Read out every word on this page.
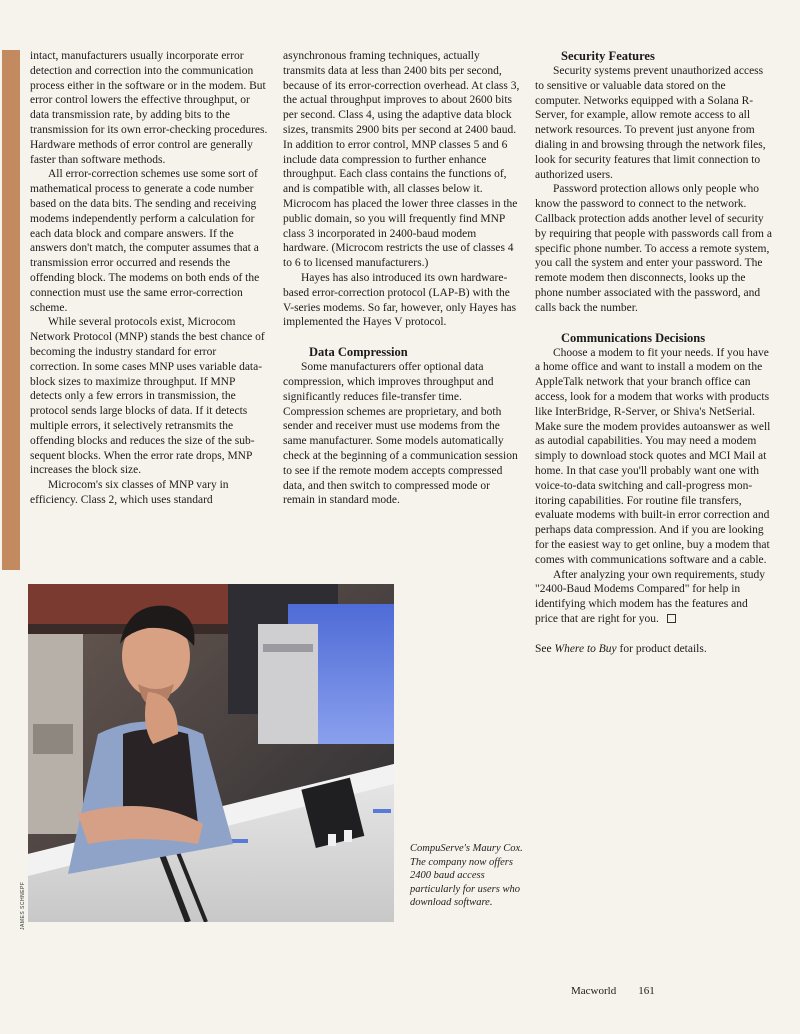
intact, manufacturers usually incorporate error detection and correction into the communication process either in the software or in the modem. But error control lowers the effective throughput, or data transmission rate, by adding bits to the transmission for its own error-checking procedures. Hardware methods of error control are generally faster than software methods.

All error-correction schemes use some sort of mathematical process to generate a code number based on the data bits. The sending and receiving modems independently perform a calculation for each data block and compare answers. If the answers don't match, the computer assumes that a transmission error occurred and resends the offending block. The modems on both ends of the connection must use the same error-correction scheme.

While several protocols exist, Microcom Network Protocol (MNP) stands the best chance of becoming the industry standard for error correction. In some cases MNP uses variable data-block sizes to maximize throughput. If MNP detects only a few errors in transmission, the protocol sends large blocks of data. If it detects multiple errors, it selectively retransmits the offending blocks and reduces the size of the subsequent blocks. When the error rate drops, MNP increases the block size.

Microcom's six classes of MNP vary in efficiency. Class 2, which uses standard

asynchronous framing techniques, actually transmits data at less than 2400 bits per second, because of its error-correction overhead. At class 3, the actual throughput improves to about 2600 bits per second. Class 4, using the adaptive data block sizes, transmits 2900 bits per second at 2400 baud. In addition to error control, MNP classes 5 and 6 include data compression to further enhance throughput. Each class contains the functions of, and is compatible with, all classes below it. Microcom has placed the lower three classes in the public domain, so you will frequently find MNP class 3 incorporated in 2400-baud modem hardware. (Microcom restricts the use of classes 4 to 6 to licensed manufacturers.)

Hayes has also introduced its own hardware-based error-correction protocol (LAP-B) with the V-series modems. So far, however, only Hayes has implemented the Hayes V protocol.

Data Compression

Some manufacturers offer optional data compression, which improves throughput and significantly reduces file-transfer time. Compression schemes are proprietary, and both sender and receiver must use modems from the same manufacturer. Some models automatically check at the beginning of a communication session to see if the remote modem accepts compressed data, and then switch to compressed mode or remain in standard mode.

Security Features

Security systems prevent unauthorized access to sensitive or valuable data stored on the computer. Networks equipped with a Solana R-Server, for example, allow remote access to all network resources. To prevent just anyone from dialing in and browsing through the network files, look for security features that limit connection to authorized users.

Password protection allows only people who know the password to connect to the network. Callback protection adds another level of security by requiring that people with passwords call from a specific phone number. To access a remote system, you call the system and enter your password. The remote modem then disconnects, looks up the phone number associated with the password, and calls back the number.

Communications Decisions

Choose a modem to fit your needs. If you have a home office and want to install a modem on the AppleTalk network that your branch office can access, look for a modem that works with products like InterBridge, R-Server, or Shiva's NetSerial. Make sure the modem provides autoanswer as well as autodial capabilities. You may need a modem simply to download stock quotes and MCI Mail at home. In that case you'll probably want one with voice-to-data switching and call-progress monitoring capabilities. For routine file transfers, evaluate modems with built-in error correction and perhaps data compression. And if you are looking for the easiest way to get online, buy a modem that comes with communications software and a cable.

After analyzing your own requirements, study "2400-Baud Modems Compared" for help in identifying which modem has the features and price that are right for you.

See Where to Buy for product details.

JAMES SCHNEPF
CompuServe's Maury Cox. The company now offers 2400 baud access particularly for users who download software.
Macworld 161
